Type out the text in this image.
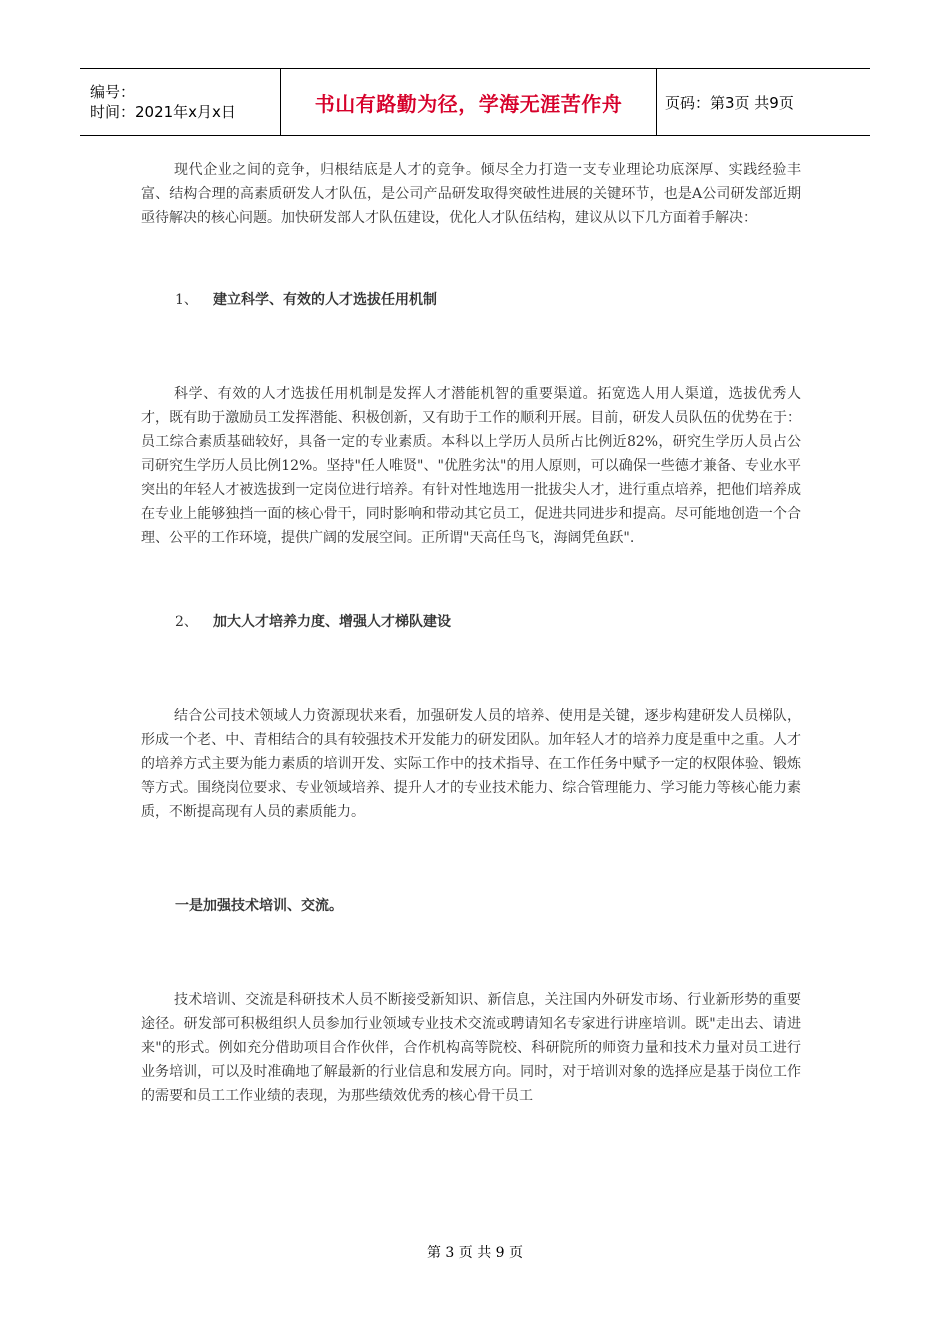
编号：
时间：2021年x月x日	书山有路勤为径，学海无涯苦作舟	页码：第3页 共9页

现代企业之间的竞争，归根结底是人才的竞争。倾尽全力打造一支专业理论功底深厚、实践经验丰富、结构合理的高素质研发人才队伍，是公司产品研发取得突破性进展的关键环节，也是A公司研发部近期亟待解决的核心问题。加快研发部人才队伍建设，优化人才队伍结构，建议从以下几方面着手解决：

1、 建立科学、有效的人才选拔任用机制

科学、有效的人才选拔任用机制是发挥人才潜能机智的重要渠道。拓宽选人用人渠道，选拔优秀人才，既有助于激励员工发挥潜能、积极创新，又有助于工作的顺利开展。目前，研发人员队伍的优势在于：员工综合素质基础较好，具备一定的专业素质。本科以上学历人员所占比例近82%，研究生学历人员占公司研究生学历人员比例12%。坚持"任人唯贤"、"优胜劣汰"的用人原则，可以确保一些德才兼备、专业水平突出的年轻人才被选拔到一定岗位进行培养。有针对性地选用一批拔尖人才，进行重点培养，把他们培养成在专业上能够独挡一面的核心骨干，同时影响和带动其它员工，促进共同进步和提高。尽可能地创造一个合理、公平的工作环境，提供广阔的发展空间。正所谓"天高任鸟飞，海阔凭鱼跃".

2、 加大人才培养力度、增强人才梯队建设

结合公司技术领域人力资源现状来看，加强研发人员的培养、使用是关键，逐步构建研发人员梯队，形成一个老、中、青相结合的具有较强技术开发能力的研发团队。加年轻人才的培养力度是重中之重。人才的培养方式主要为能力素质的培训开发、实际工作中的技术指导、在工作任务中赋予一定的权限体验、锻炼等方式。围绕岗位要求、专业领域培养、提升人才的专业技术能力、综合管理能力、学习能力等核心能力素质，不断提高现有人员的素质能力。

一是加强技术培训、交流。

技术培训、交流是科研技术人员不断接受新知识、新信息，关注国内外研发市场、行业新形势的重要途径。研发部可积极组织人员参加行业领域专业技术交流或聘请知名专家进行讲座培训。既"走出去、请进来"的形式。例如充分借助项目合作伙伴，合作机构高等院校、科研院所的师资力量和技术力量对员工进行业务培训，可以及时准确地了解最新的行业信息和发展方向。同时，对于培训对象的选择应是基于岗位工作的需要和员工工作业绩的表现，为那些绩效优秀的核心骨干员工

第 3 页 共 9 页
